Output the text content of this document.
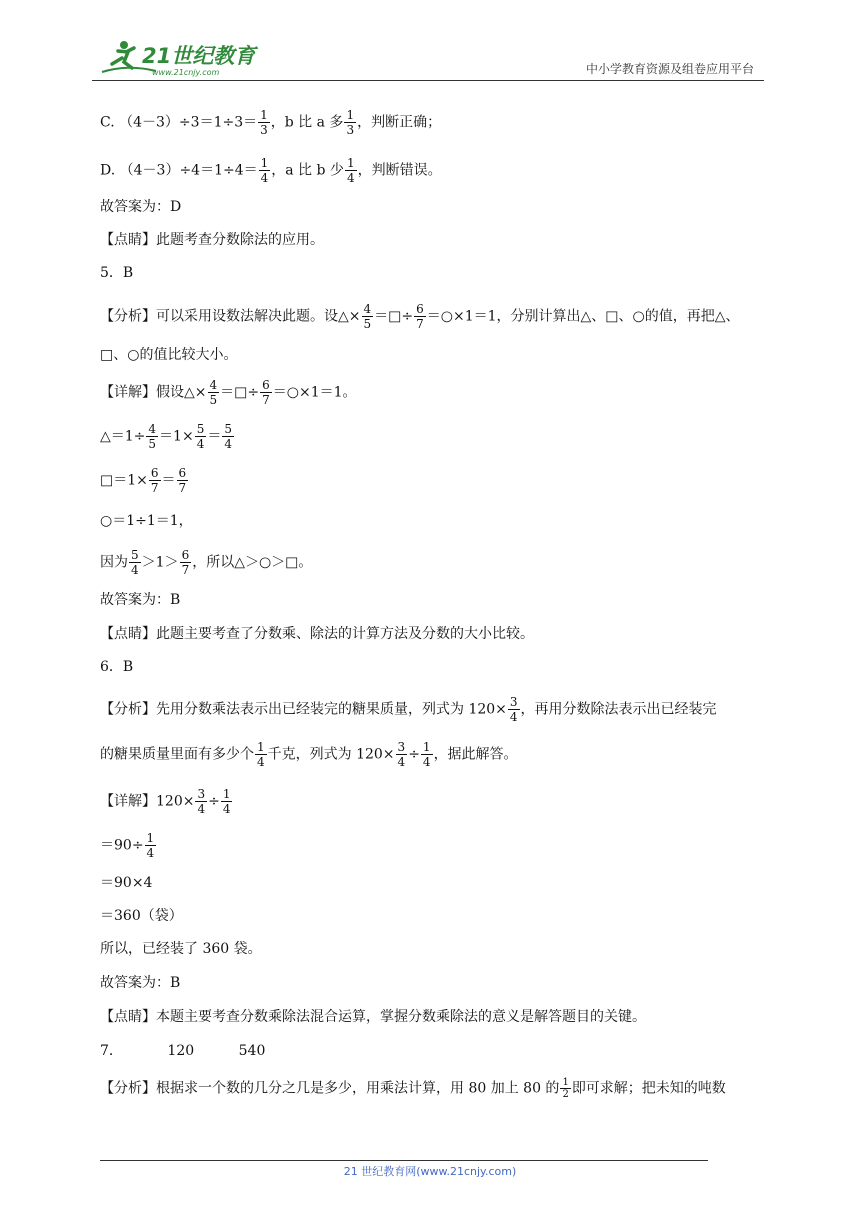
21世纪教育
www.21cnjy.com	中小学教育资源及组卷应用平台
C. $(4-3)\div 3=1\div 3= \frac{1}{3}$ ，b 比 a 多 $\frac{1}{3}$ ，判断正确；
D. $(4-3)\div 4=1\div 4= \frac{1}{4}$ ，a 比 b 少 $\frac{1}{4}$ ，判断错误。
故答案为：D
【点睛】此题考查分数除法的应用。
5．B
【分析】可以采用设数法解决此题。设△× $\frac{4}{5}$ ＝□÷ $\frac{6}{7}$ ＝○×1＝1，分别计算出△、□、○的值，再把△、
□、○的值比较大小。
【详解】假设△× $\frac{4}{5}$ ＝□÷ $\frac{6}{7}$ ＝○×1＝1。
△＝1÷ $\frac{4}{5} =1\times \frac{5}{4} = \frac{5}{4}$
□＝1× $\frac{6}{7} = \frac{6}{7}$
○＝1÷1＝1，
因为 $\frac{5}{4} >1> \frac{6}{7}$ ，所以△＞○＞□。
故答案为：B
【点睛】此题主要考查了分数乘、除法的计算方法及分数的大小比较。
6．B
【分析】先用分数乘法表示出已经装完的糖果质量，列式为 $120\times \frac{3}{4}$ ，再用分数除法表示出已经装完
的糖果质量里面有多少个 $\frac{1}{4}$ 千克，列式为 $120\times \frac{3}{4} \div \frac{1}{4}$ ，据此解答。
【详解】$120\times \frac{3}{4} \div \frac{1}{4}$
$=90\div \frac{1}{4}$
＝90×4
＝360（袋）
所以，已经装了 360 袋。
故答案为：B
【点睛】本题主要考查分数乘除法混合运算，掌握分数乘除法的意义是解答题目的关键。
7．          120          540
【分析】根据求一个数的几分之几是多少，用乘法计算，用 80 加上 80 的 $\frac{1}{2}$ 即可求解；把未知的吨数
21 世纪教育网(www.21cnjy.com)
